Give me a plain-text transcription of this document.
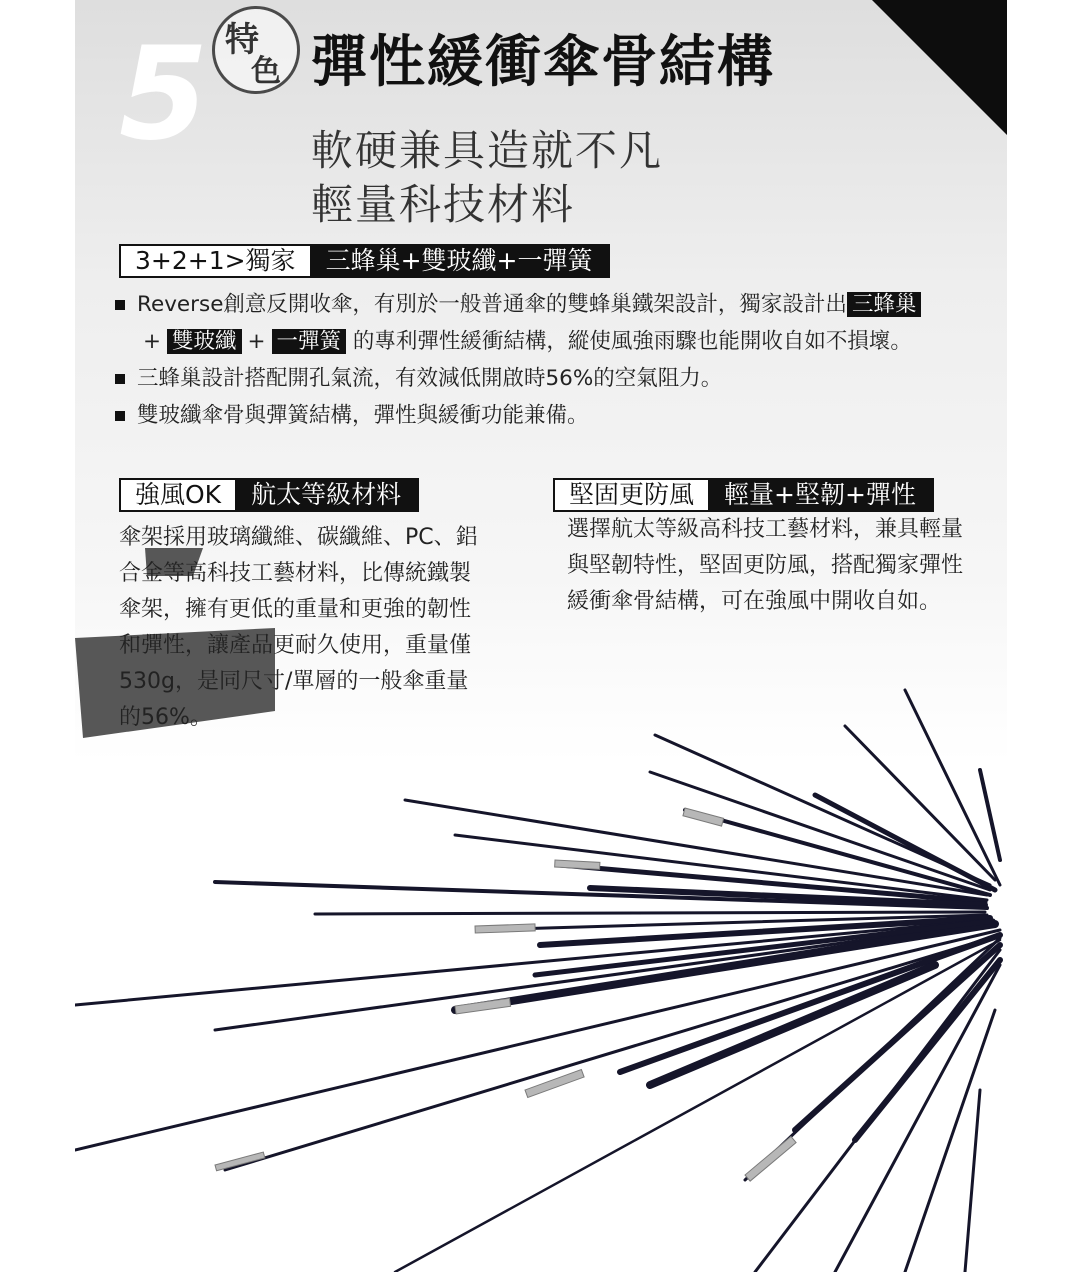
5 特
色 彈性緩衝傘骨結構
軟硬兼具造就不凡
輕量科技材料
3+2+1>獨家	三蜂巢+雙玻纖+一彈簧
Reverse創意反開收傘，有別於一般普通傘的雙蜂巢鐵架設計，獨家設計出 三蜂巢+ 雙玻纖 + 一彈簧 的專利彈性緩衝結構，縱使風強雨驟也能開收自如不損壞。
三蜂巢設計搭配開孔氣流，有效減低開啟時56%的空氣阻力。
雙玻纖傘骨與彈簧結構，彈性與緩衝功能兼備。
強風OK	航太等級材料
傘架採用玻璃纖維、碳纖維、PC、鋁合金等高科技工藝材料，比傳統鐵製傘架，擁有更低的重量和更強的韌性和彈性，讓產品更耐久使用，重量僅530g，是同尺寸/單層的一般傘重量的56%。
堅固更防風	輕量+堅韌+彈性
選擇航太等級高科技工藝材料，兼具輕量與堅韌特性，堅固更防風，搭配獨家彈性緩衝傘骨結構，可在強風中開收自如。
